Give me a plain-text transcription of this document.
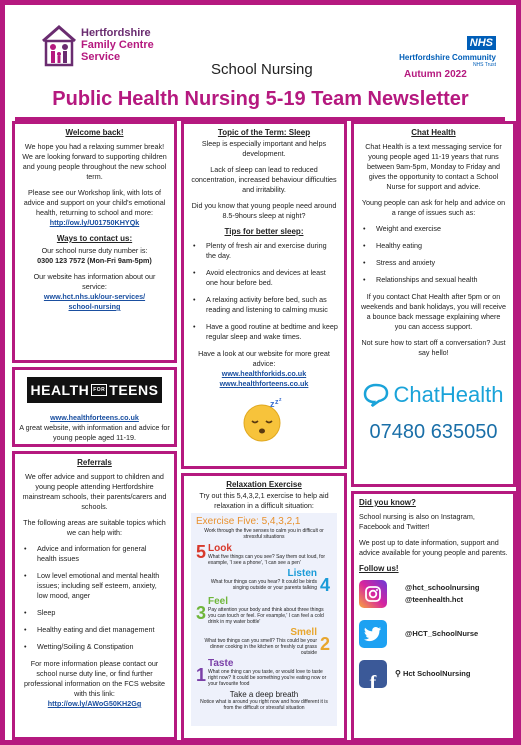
Hertfordshire
Family Centre
Service
School Nursing
NHS
Hertfordshire Community
NHS Trust
Autumn 2022
Public Health Nursing 5-19 Team Newsletter
Welcome back!
We hope you had a relaxing summer break! We are looking forward to supporting children and young people throughout the new school term.
Please see our Workshop link, with lots of advice and support on your child's emotional health, returning to school and more:
http://ow.ly/U01750KHYQk
Ways to contact us:
Our school nurse duty number is:
0300 123 7572 (Mon-Fri 9am-5pm)
Our website has information about our service:
www.hct.nhs.uk/our-services/
school-nursing
HEALTH FOR TEENS
www.healthforteens.co.uk
A great website, with information and advice for young people aged 11-19.
Referrals
We offer advice and support to children and young people attending Hertfordshire mainstream schools, their parents/carers and schools.
The following areas are suitable topics which we can help with:
• Advice and information for general health issues
• Low level emotional and mental health issues; including self esteem, anxiety, low mood, anger
• Sleep
• Healthy eating and diet management
• Wetting/Soiling & Constipation
For more information please contact our school nurse duty line, or find further professional information on the FCS website with this link:
http://ow.ly/AWoG50KH2Gg
Topic of the Term: Sleep
Sleep is especially important and helps development.
Lack of sleep can lead to reduced concentration, increased behaviour difficulties and irritability.
Did you know that young people need around 8.5-9hours sleep at night?
Tips for better sleep:
• Plenty of fresh air and exercise during the day.
• Avoid electronics and devices at least one hour before bed.
• A relaxing activity before bed, such as reading and listening to calming music
• Have a good routine at bedtime and keep regular sleep and wake times.
Have a look at our website for more great advice:
www.healthforkids.co.uk
www.healthforteens.co.uk
z z z
Relaxation Exercise
Try out this 5,4,3,2,1 exercise to help aid relaxation in a difficult situation:
Exercise Five: 5,4,3,2,1
Work through the five senses to calm you in difficult or stressful situations
5 Look
What five things can you see? Say them out loud, for example, 'I see a phone', 'I can see a pen'
Listen
What four things can you hear? It could be birds singing outside or your parents talking 4
3
Feel
Pay attention your body and think about three things you can touch or feel. For example,' I can feel a cold drink in my water bottle'
Smell
What two things can you smell? This could be your dinner cooking in the kitchen or freshly cut grass outside 2
1
Taste
What one thing can you taste, or would love to taste right now? It could be something you're eating now or your favourite food
Take a deep breath
Notice what is around you right now and how different it is from the difficult or stressful situation
Chat Health
Chat Health is a text messaging service for young people aged 11-19 years that runs between 9am-5pm, Monday to Friday and gives the opportunity to contact a School Nurse for support and advice.
Young people can ask for help and advice on a range of issues such as:
• Weight and exercise
• Healthy eating
• Stress and anxiety
• Relationships and sexual health
If you contact Chat Health after 5pm or on weekends and bank holidays, you will receive a bounce back message explaining where you can access support.
Not sure how to start off a conversation? Just say hello!
ChatHealth
07480 635050
Did you know?
School nursing is also on Instagram, Facebook and Twitter!
We post up to date information, support and advice available for young people and parents.
Follow us!
@hct_schoolnursing
@teenhealth.hct
@HCT_SchoolNurse
f	⚲ Hct SchoolNursing
